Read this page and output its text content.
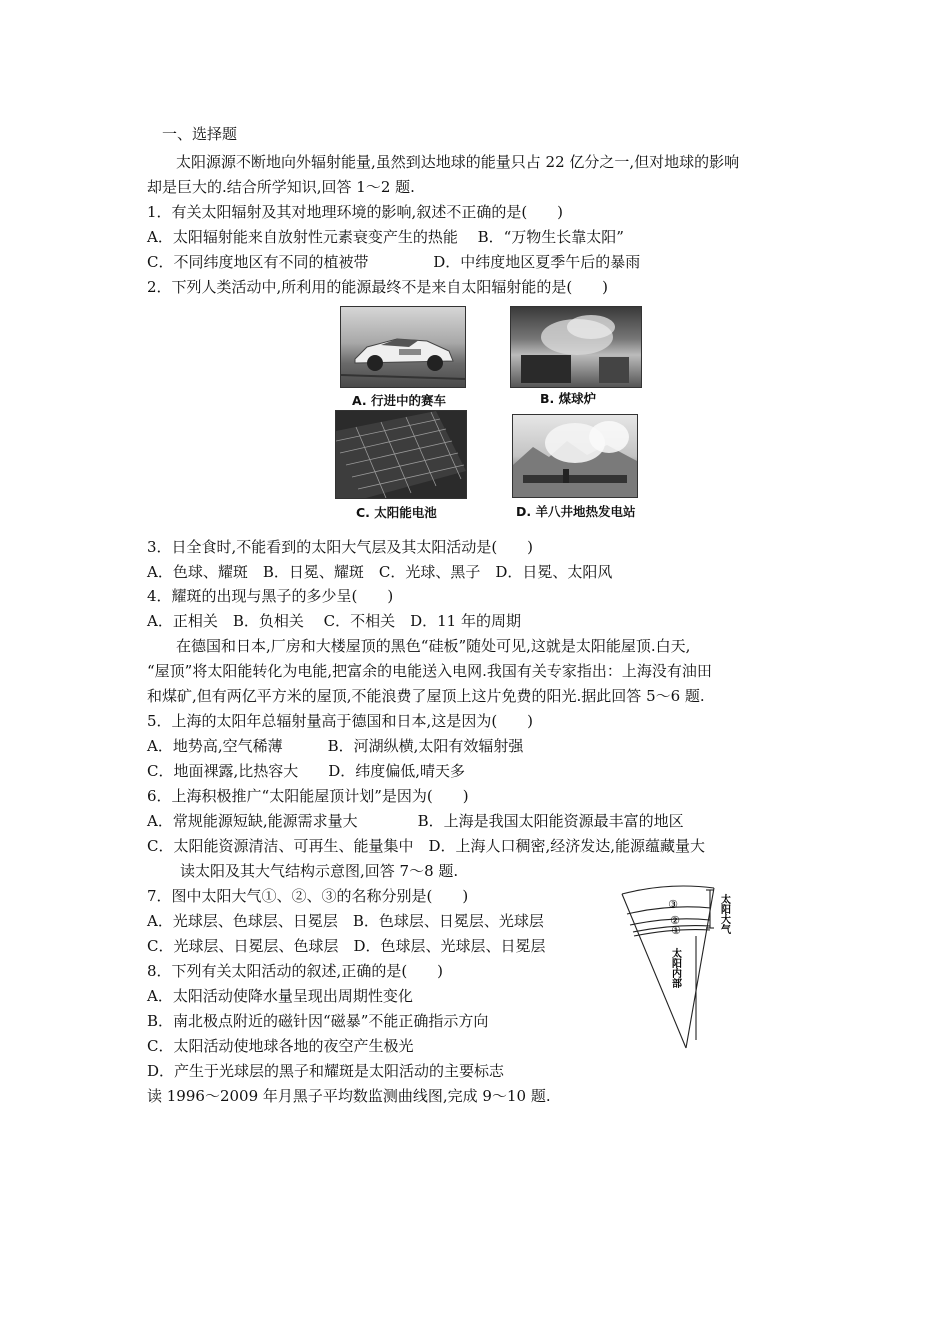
一、选择题
太阳源源不断地向外辐射能量,虽然到达地球的能量只占 22 亿分之一,但对地球的影响
却是巨大的.结合所学知识,回答 1～2 题.
1．有关太阳辐射及其对地理环境的影响,叙述不正确的是(　　)
A．太阳辐射能来自放射性元素衰变产生的热能　 B．“万物生长靠太阳”
C．不同纬度地区有不同的植被带　　　　 D．中纬度地区夏季午后的暴雨
2．下列人类活动中,所利用的能源最终不是来自太阳辐射能的是(　　)
A. 行进中的赛车	B. 煤球炉
C. 太阳能电池	D. 羊八井地热发电站
3．日全食时,不能看到的太阳大气层及其太阳活动是(　　)
A．色球、耀斑　B．日冕、耀斑　C．光球、黑子　D．日冕、太阳风
4．耀斑的出现与黑子的多少呈(　　)
A．正相关　B．负相关　 C．不相关　D．11 年的周期
在德国和日本,厂房和大楼屋顶的黑色“硅板”随处可见,这就是太阳能屋顶.白天,
“屋顶”将太阳能转化为电能,把富余的电能送入电网.我国有关专家指出：上海没有油田
和煤矿,但有两亿平方米的屋顶,不能浪费了屋顶上这片免费的阳光.据此回答 5～6 题.
5．上海的太阳年总辐射量高于德国和日本,这是因为(　　)
A．地势高,空气稀薄　　　B．河湖纵横,太阳有效辐射强
C．地面裸露,比热容大　　D．纬度偏低,晴天多
6．上海积极推广“太阳能屋顶计划”是因为(　　)
A．常规能源短缺,能源需求量大　　　　B．上海是我国太阳能资源最丰富的地区
C．太阳能资源清洁、可再生、能量集中　D．上海人口稠密,经济发达,能源蕴藏量大
读太阳及其大气结构示意图,回答 7～8 题.
7．图中太阳大气①、②、③的名称分别是(　　)
A．光球层、色球层、日冕层　B．色球层、日冕层、光球层
C．光球层、日冕层、色球层　D．色球层、光球层、日冕层
8．下列有关太阳活动的叙述,正确的是(　　)
A．太阳活动使降水量呈现出周期性变化
B．南北极点附近的磁针因“磁暴”不能正确指示方向
C．太阳活动使地球各地的夜空产生极光
D．产生于光球层的黑子和耀斑是太阳活动的主要标志
读 1996～2009 年月黑子平均数监测曲线图,完成 9～10 题.
③
②
①	太阳大气
太阳内部
